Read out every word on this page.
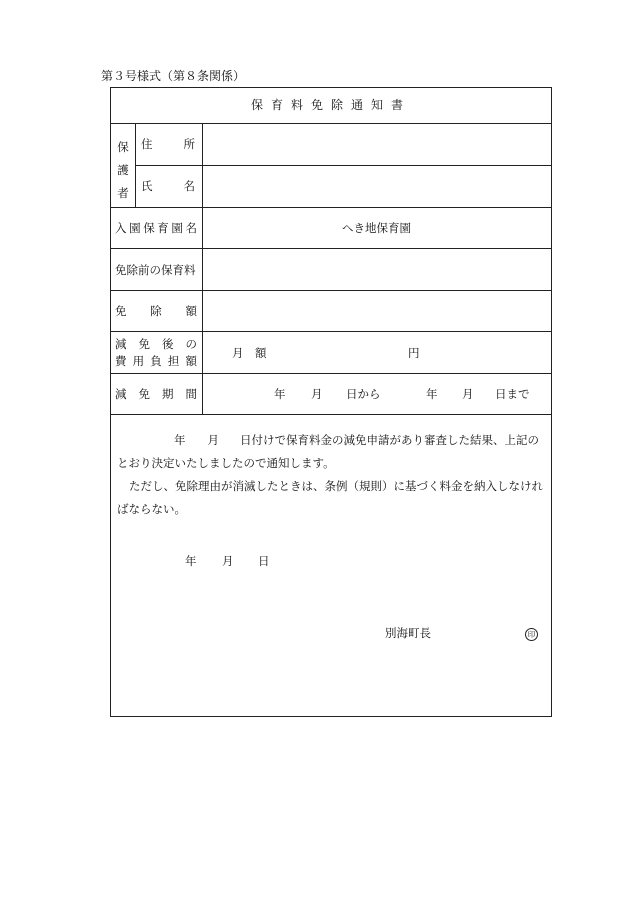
第３号様式（第８条関係）
保育料免除通知書
保
護
者
住	所
氏	名
入 園 保 育 園 名	へき地保育園
免除前の保育料
免 除 額
減 免 後 の
費 用 負 担 額
月　額	円
減 免 期 間	年 月 日から	年 月 日まで

年 月 日付けで保育料金の減免申請があり審査した結果、上記のとおり決定いたしましたので通知します。

ただし、免除理由が消滅したときは、条例（規則）に基づく料金を納入しなければならない。

年 月 日
別海町長	印
